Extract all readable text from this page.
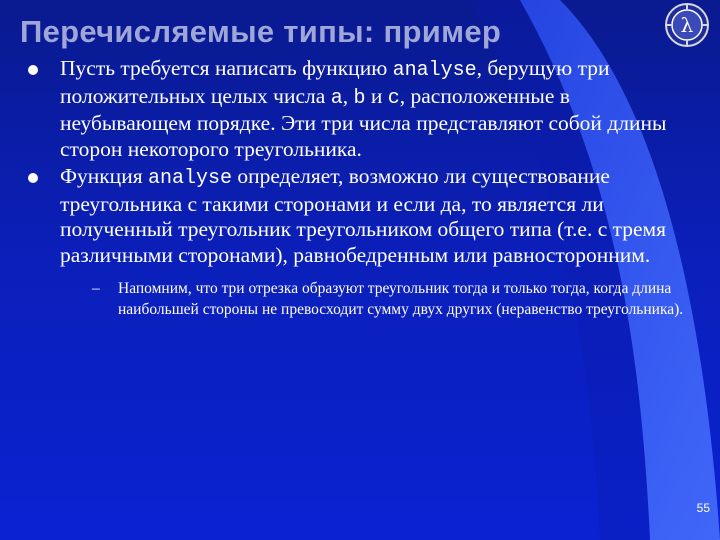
Перечисляемые типы: пример	λ

Пусть требуется написать функцию analyse, берущую три положительных целых числа a, b и c, расположенные в неубывающем порядке. Эти три числа представляют собой длины сторон некоторого треугольника.

Функция analyse определяет, возможно ли существование треугольника с такими сторонами и если да, то является ли полученный треугольник треугольником общего типа (т.е. с тремя различными сторонами), равнобедренным или равносторонним.

– Напомним, что три отрезка образуют треугольник тогда и только тогда, когда длина наибольшей стороны не превосходит сумму двух других (неравенство треугольника).
55
